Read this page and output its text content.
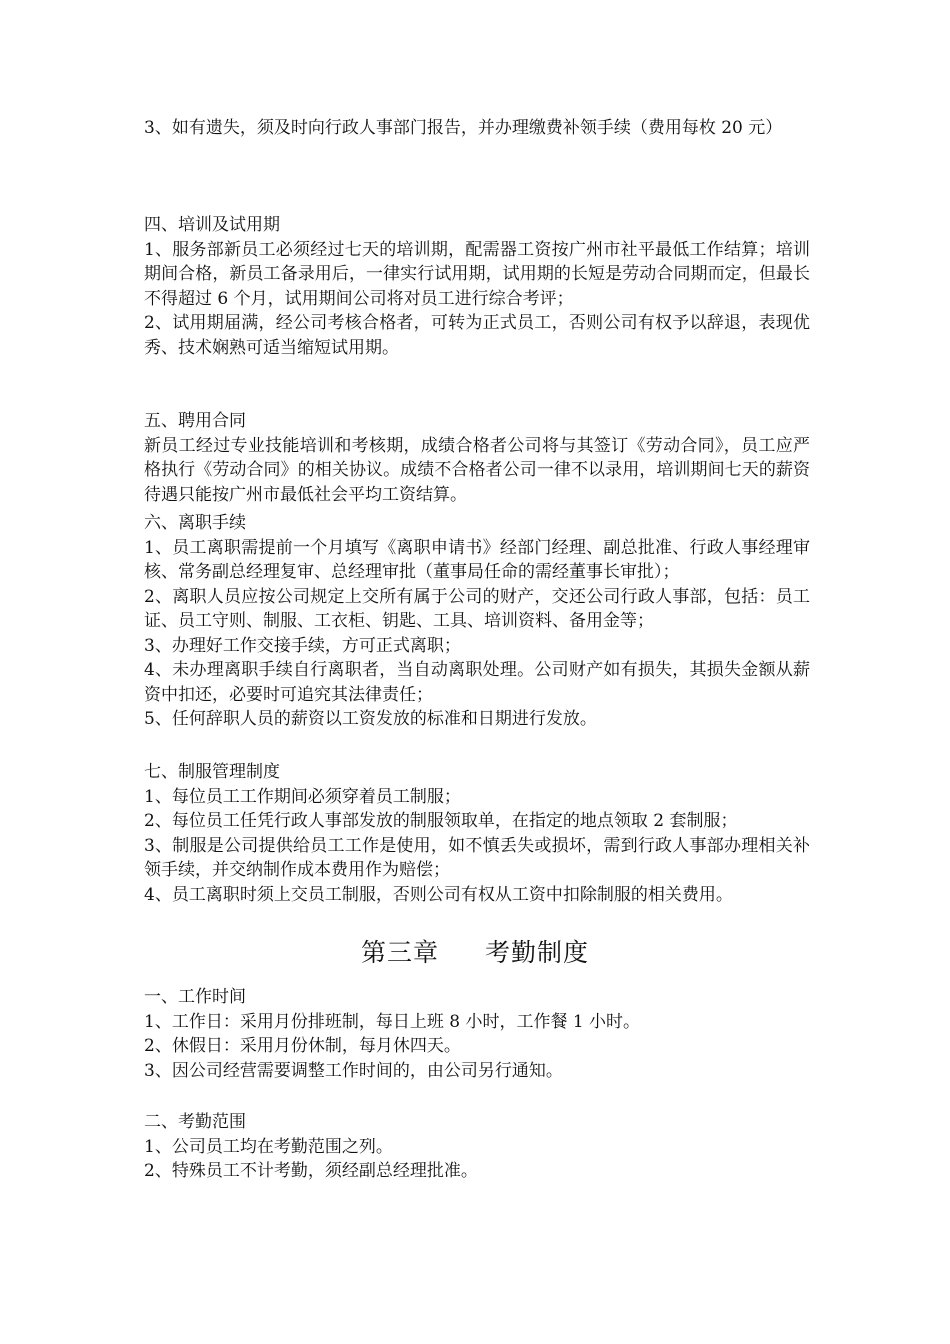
3、如有遗失，须及时向行政人事部门报告，并办理缴费补领手续（费用每枚 20 元）

四、培训及试用期

1、服务部新员工必须经过七天的培训期，配需器工资按广州市社平最低工作结算；培训期间合格，新员工备录用后，一律实行试用期，试用期的长短是劳动合同期而定，但最长不得超过 6 个月，试用期间公司将对员工进行综合考评；

2、试用期届满，经公司考核合格者，可转为正式员工，否则公司有权予以辞退，表现优秀、技术娴熟可适当缩短试用期。

五、聘用合同

新员工经过专业技能培训和考核期，成绩合格者公司将与其签订《劳动合同》，员工应严格执行《劳动合同》的相关协议。成绩不合格者公司一律不以录用，培训期间七天的薪资待遇只能按广州市最低社会平均工资结算。

六、离职手续

1、员工离职需提前一个月填写《离职申请书》经部门经理、副总批准、行政人事经理审核、常务副总经理复审、总经理审批（董事局任命的需经董事长审批）；

2、离职人员应按公司规定上交所有属于公司的财产，交还公司行政人事部，包括：员工证、员工守则、制服、工衣柜、钥匙、工具、培训资料、备用金等；

3、办理好工作交接手续，方可正式离职；

4、未办理离职手续自行离职者，当自动离职处理。公司财产如有损失，其损失金额从薪资中扣还，必要时可追究其法律责任；

5、任何辞职人员的薪资以工资发放的标准和日期进行发放。

七、制服管理制度

1、每位员工工作期间必须穿着员工制服；

2、每位员工任凭行政人事部发放的制服领取单，在指定的地点领取 2 套制服；

3、制服是公司提供给员工工作是使用，如不慎丢失或损坏，需到行政人事部办理相关补领手续，并交纳制作成本费用作为赔偿；

4、员工离职时须上交员工制服，否则公司有权从工资中扣除制服的相关费用。

第三章 考勤制度

一、工作时间

1、工作日：采用月份排班制，每日上班 8 小时，工作餐 1 小时。

2、休假日：采用月份休制，每月休四天。

3、因公司经营需要调整工作时间的，由公司另行通知。

二、考勤范围

1、公司员工均在考勤范围之列。

2、特殊员工不计考勤，须经副总经理批准。
